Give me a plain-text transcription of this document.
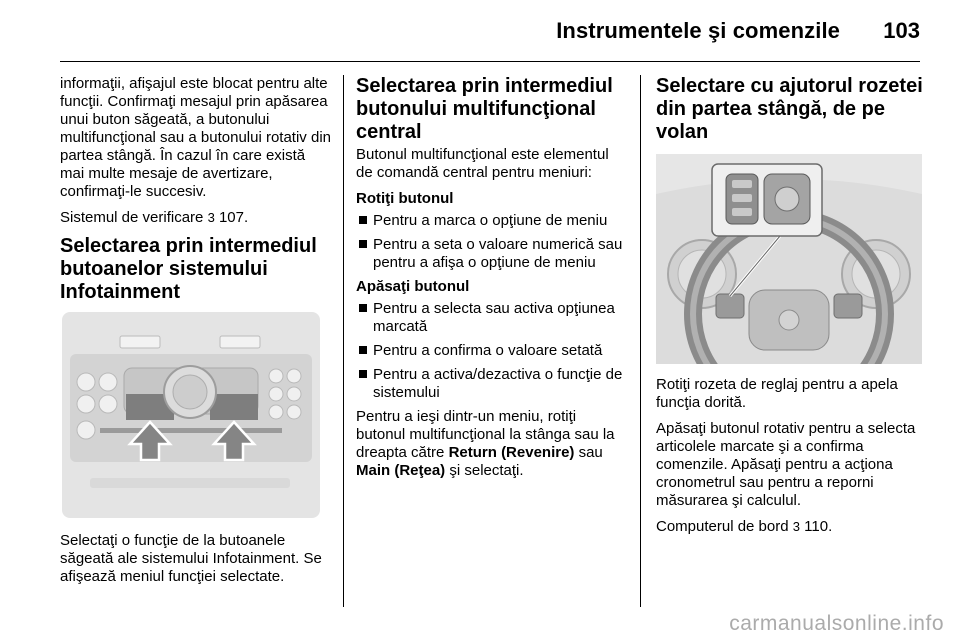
Instrumentele şi comenzile 103

informaţii, afişajul este blocat pentru alte funcţii. Confirmaţi mesajul prin apăsarea unui buton săgeată, a butonului multifuncţional sau a butonului rotativ din partea stângă. În cazul în care există mai multe mesaje de avertizare, confirmaţi-le succesiv.

Sistemul de verificare 3 107.

Selectarea prin intermediul butoanelor sistemului Infotainment

Selectaţi o funcţie de la butoanele săgeată ale sistemului Infotainment. Se afişează meniul funcţiei selectate.

Selectarea prin intermediul butonului multifuncţional central

Butonul multifuncţional este elementul de comandă central pentru meniuri:

Rotiţi butonul

Pentru a marca o opţiune de meniu
Pentru a seta o valoare numerică sau pentru a afişa o opţiune de meniu

Apăsaţi butonul

Pentru a selecta sau activa opţiunea marcată
Pentru a confirma o valoare setată
Pentru a activa/dezactiva o funcţie de sistemului

Pentru a ieşi dintr-un meniu, rotiţi butonul multifuncţional la stânga sau la dreapta către Return (Revenire) sau Main (Reţea) şi selectaţi.

Selectare cu ajutorul rozetei din partea stângă, de pe volan

Rotiţi rozeta de reglaj pentru a apela funcţia dorită.

Apăsaţi butonul rotativ pentru a selecta articolele marcate şi a confirma comenzile. Apăsaţi pentru a acţiona cronometrul sau pentru a reporni măsurarea şi calculul.

Computerul de bord 3 110.

carmanualsonline.info
